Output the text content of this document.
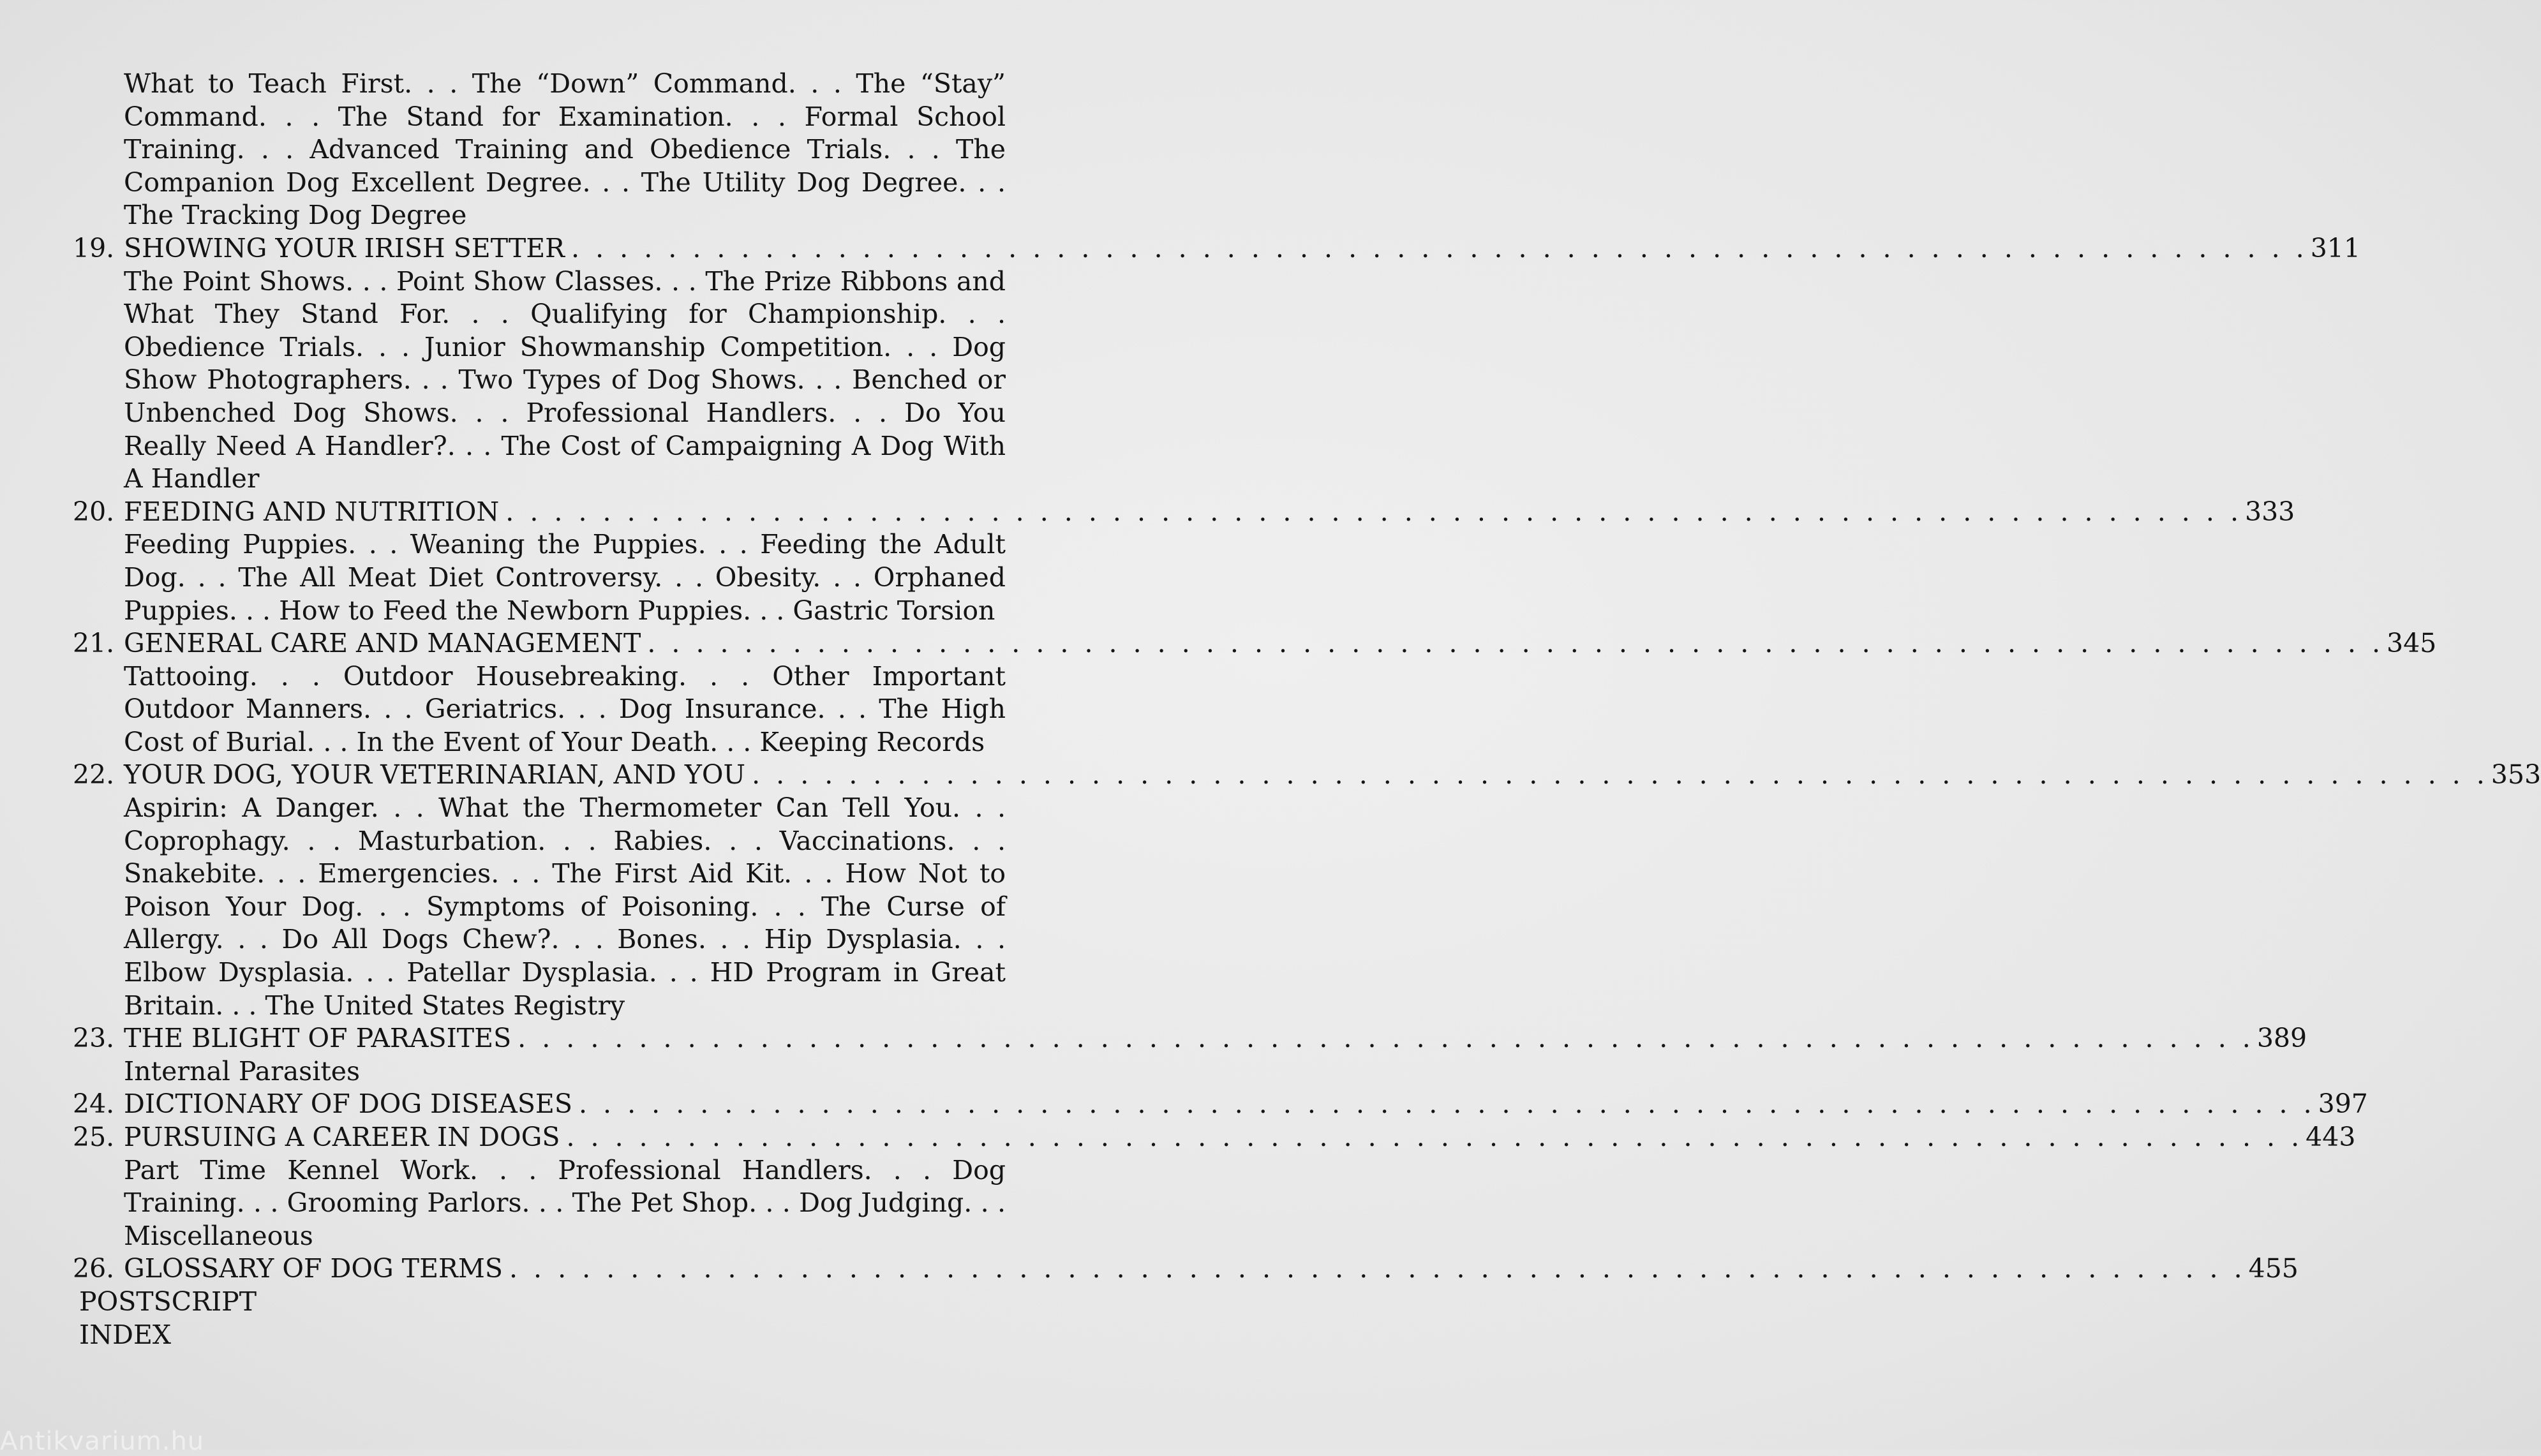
What to Teach First. . . The “Down” Command. . . The “Stay” Command. . . The Stand for Examination. . . Formal School Training. . . Advanced Training and Obedience Trials. . . The Companion Dog Excellent Degree. . . The Utility Dog Degree. . . The Tracking Dog Degree
19. SHOWING YOUR IRISH SETTER . . . . . . . . . . . . . . . . . . . . . . . . . . . . . . . . . . . . . . . . . . . . . . . . . . . . . . . . . . . . . . . . . . . . . . . . 311
The Point Shows. . . Point Show Classes. . . The Prize Ribbons and What They Stand For. . . Qualifying for Championship. . . Obedience Trials. . . Junior Showmanship Competition. . . Dog Show Photographers. . . Two Types of Dog Shows. . . Benched or Unbenched Dog Shows. . . Professional Handlers. . . Do You Really Need A Handler?. . . The Cost of Campaigning A Dog With A Handler
20. FEEDING AND NUTRITION . . . . . . . . . . . . . . . . . . . . . . . . . . . . . . . . . . . . . . . . . . . . . . . . . . . . . . . . . . . . . . . . . . . . . . . . 333
Feeding Puppies. . . Weaning the Puppies. . . Feeding the Adult Dog. . . The All Meat Diet Controversy. . . Obesity. . . Orphaned Puppies. . . How to Feed the Newborn Puppies. . . Gastric Torsion
21. GENERAL CARE AND MANAGEMENT . . . . . . . . . . . . . . . . . . . . . . . . . . . . . . . . . . . . . . . . . . . . . . . . . . . . . . . . . . . . . . . . . . . . . . . . 345
Tattooing. . . Outdoor Housebreaking. . . Other Important Outdoor Manners. . . Geriatrics. . . Dog Insurance. . . The High Cost of Burial. . . In the Event of Your Death. . . Keeping Records
22. YOUR DOG, YOUR VETERINARIAN, AND YOU . . . . . . . . . . . . . . . . . . . . . . . . . . . . . . . . . . . . . . . . . . . . . . . . . . . . . . . . . . . . . . . . . . . . . . . . 353
Aspirin: A Danger. . . What the Thermometer Can Tell You. . . Coprophagy. . . Masturbation. . . Rabies. . . Vaccinations. . . Snakebite. . . Emergencies. . . The First Aid Kit. . . How Not to Poison Your Dog. . . Symptoms of Poisoning. . . The Curse of Allergy. . . Do All Dogs Chew?. . . Bones. . . Hip Dysplasia. . . Elbow Dysplasia. . . Patellar Dysplasia. . . HD Program in Great Britain. . . The United States Registry
23. THE BLIGHT OF PARASITES . . . . . . . . . . . . . . . . . . . . . . . . . . . . . . . . . . . . . . . . . . . . . . . . . . . . . . . . . . . . . . . . . . . . . . . . 389
Internal Parasites
24. DICTIONARY OF DOG DISEASES . . . . . . . . . . . . . . . . . . . . . . . . . . . . . . . . . . . . . . . . . . . . . . . . . . . . . . . . . . . . . . . . . . . . . . . . 397
25. PURSUING A CAREER IN DOGS . . . . . . . . . . . . . . . . . . . . . . . . . . . . . . . . . . . . . . . . . . . . . . . . . . . . . . . . . . . . . . . . . . . . . . . . 443
Part Time Kennel Work. . . Professional Handlers. . . Dog Training. . . Grooming Parlors. . . The Pet Shop. . . Dog Judging. . . Miscellaneous
26. GLOSSARY OF DOG TERMS . . . . . . . . . . . . . . . . . . . . . . . . . . . . . . . . . . . . . . . . . . . . . . . . . . . . . . . . . . . . . . . . . . . . . . . . 455
POSTSCRIPT
INDEX
Antikvarium.hu
